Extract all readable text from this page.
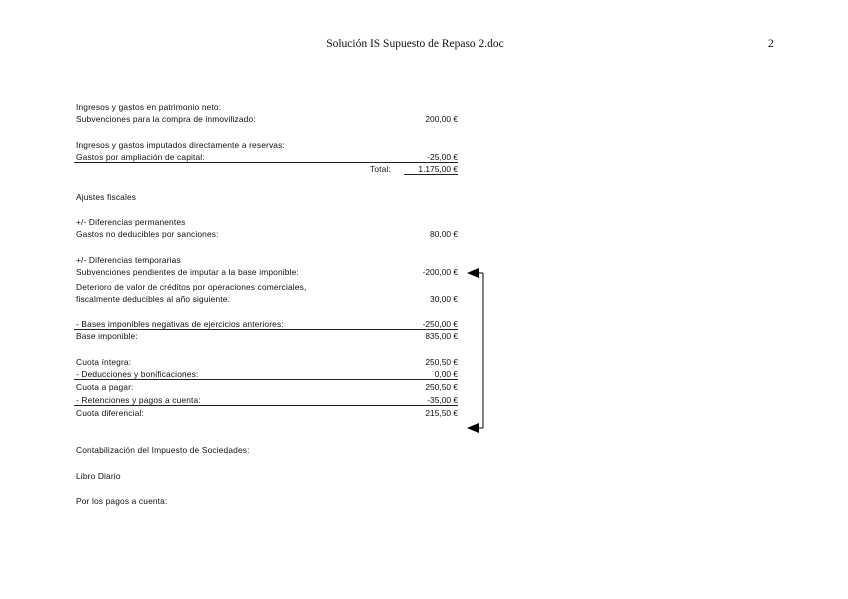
Solución IS Supuesto de Repaso 2.doc	2
Ingresos y gastos en patrimonio neto:
Subvenciones para la compra de inmovilizado:	200,00 €
Ingresos y gastos imputados directamente a reservas:
Gastos por ampliación de capital:	-25,00 €
Total:	1.175,00 €
Ajustes fiscales
+/- Diferencias permanentes
Gastos no deducibles por sanciones:	80,00 €
+/- Diferencias temporarias
Subvenciones pendientes de imputar a la base imponible:	-200,00 €
Deterioro de valor de créditos por operaciones comerciales,
fiscalmente deducibles al año siguiente:	30,00 €
- Bases imponibles negativas de ejercicios anteriores:	-250,00 €
Base imponible:	835,00 €
Cuota íntegra:	250,50 €
- Deducciones y bonificaciones:	0,00 €
Cuota a pagar:	250,50 €
- Retenciones y pagos a cuenta:	-35,00 €
Cuota diferencial:	215,50 €
Contabilización del Impuesto de Sociedades:
Libro Diario
Por los pagos a cuenta:
